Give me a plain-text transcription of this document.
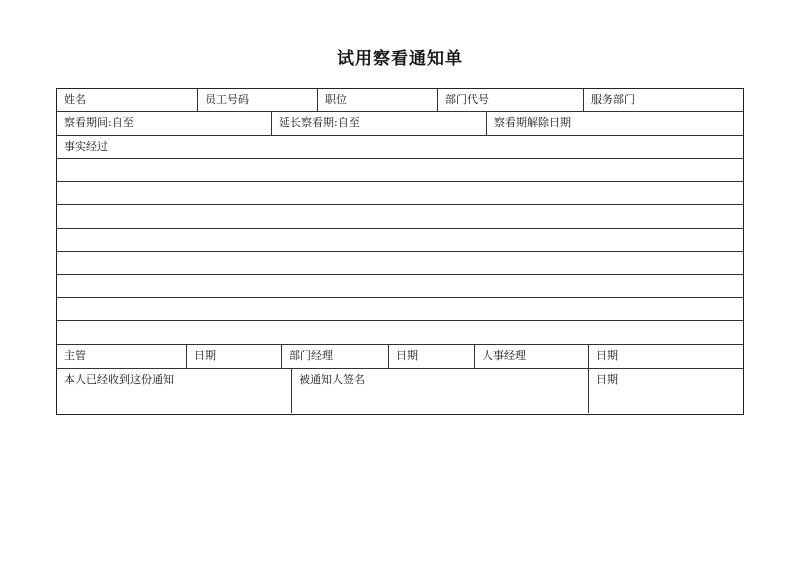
试用察看通知单
姓名	员工号码	职位	部门代号	服务部门
察看期间:自至	延长察看期:自至	察看期解除日期
事实经过
主管	日期	部门经理	日期	人事经理	日期
本人已经收到这份通知	被通知人签名	日期
